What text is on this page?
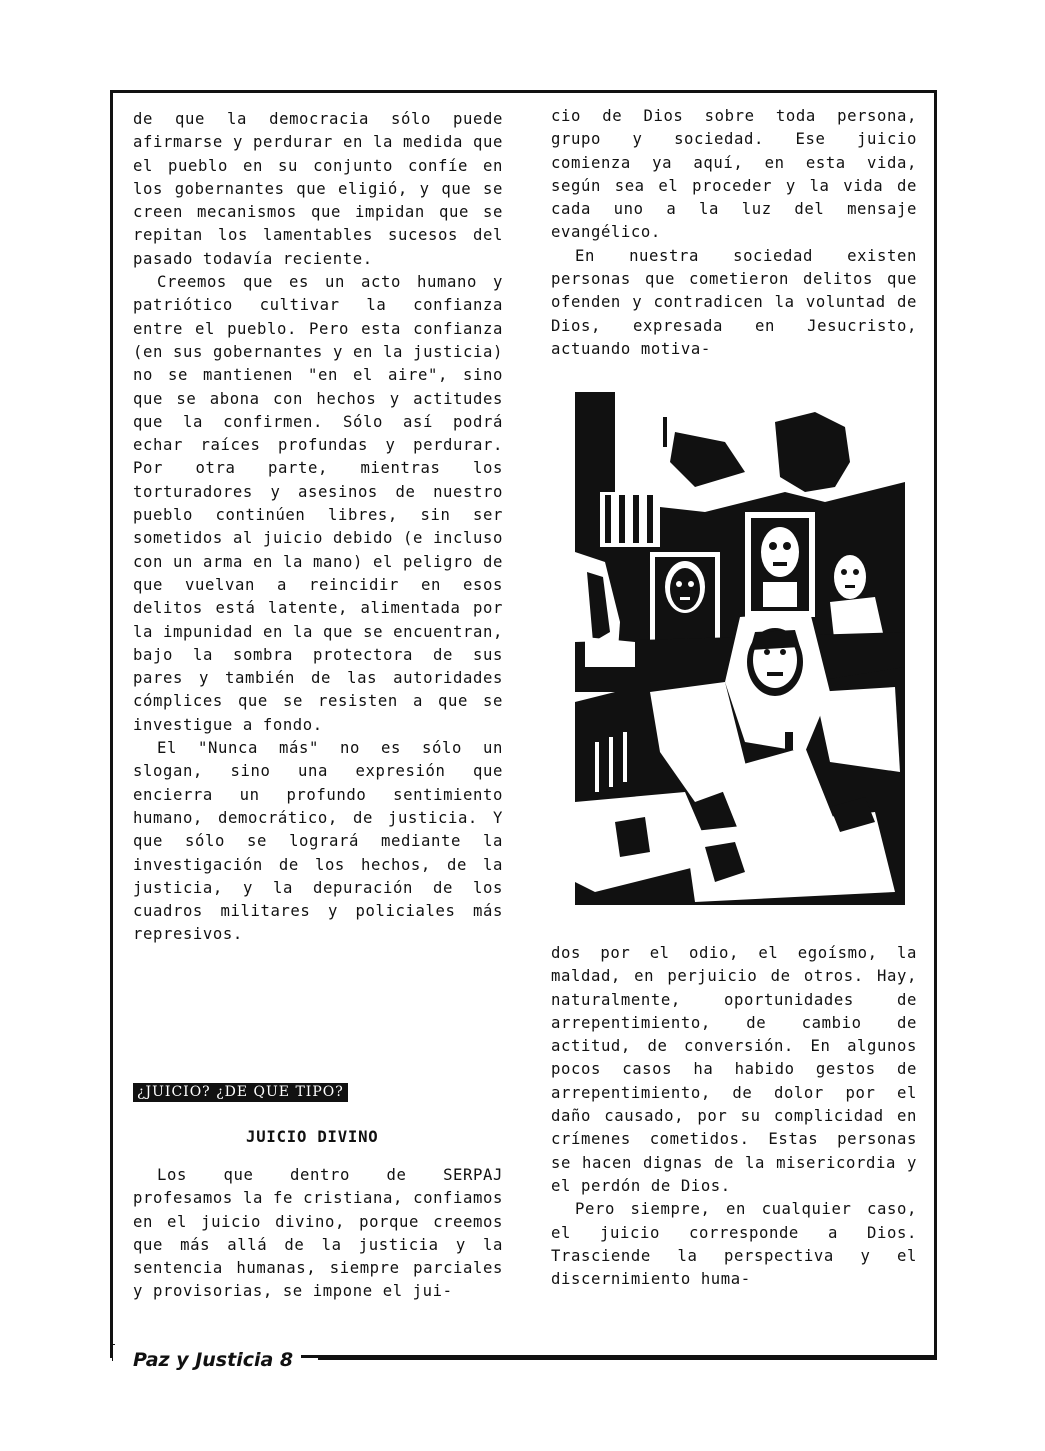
de que la democracia sólo puede afirmarse y perdurar en la medida que el pueblo en su conjunto confíe en los gobernantes que eligió, y que se creen mecanismos que impidan que se repitan los lamentables sucesos del pasado todavía reciente.

Creemos que es un acto humano y patriótico cultivar la confianza entre el pueblo. Pero esta confianza (en sus gobernantes y en la justicia) no se mantienen "en el aire", sino que se abona con hechos y actitudes que la confirmen. Sólo así podrá echar raíces profundas y perdurar. Por otra parte, mientras los torturadores y asesinos de nuestro pueblo continúen libres, sin ser sometidos al juicio debido (e incluso con un arma en la mano) el peligro de que vuelvan a reincidir en esos delitos está latente, alimentada por la impunidad en la que se encuentran, bajo la sombra protectora de sus pares y también de las autoridades cómplices que se resisten a que se investigue a fondo.

El "Nunca más" no es sólo un slogan, sino una expresión que encierra un profundo sentimiento humano, democrático, de justicia. Y que sólo se logrará mediante la investigación de los hechos, de la justicia, y la depuración de los cuadros militares y policiales más represivos.

¿JUICIO? ¿DE QUE TIPO?
JUICIO DIVINO

Los que dentro de SERPAJ profesamos la fe cristiana, confiamos en el juicio divino, porque creemos que más allá de la justicia y la sentencia humanas, siempre parciales y provisorias, se impone el jui-

cio de Dios sobre toda persona, grupo y sociedad. Ese juicio comienza ya aquí, en esta vida, según sea el proceder y la vida de cada uno a la luz del mensaje evangélico.

En nuestra sociedad existen personas que cometieron delitos que ofenden y contradicen la voluntad de Dios, expresada en Jesucristo, actuando motiva-

dos por el odio, el egoísmo, la maldad, en perjuicio de otros. Hay, naturalmente, oportunidades de arrepentimiento, de cambio de actitud, de conversión. En algunos pocos casos ha habido gestos de arrepentimiento, de dolor por el daño causado, por su complicidad en crímenes cometidos. Estas personas se hacen dignas de la misericordia y el perdón de Dios.

Pero siempre, en cualquier caso, el juicio corresponde a Dios. Trasciende la perspectiva y el discernimiento huma-

Paz y Justicia 8
